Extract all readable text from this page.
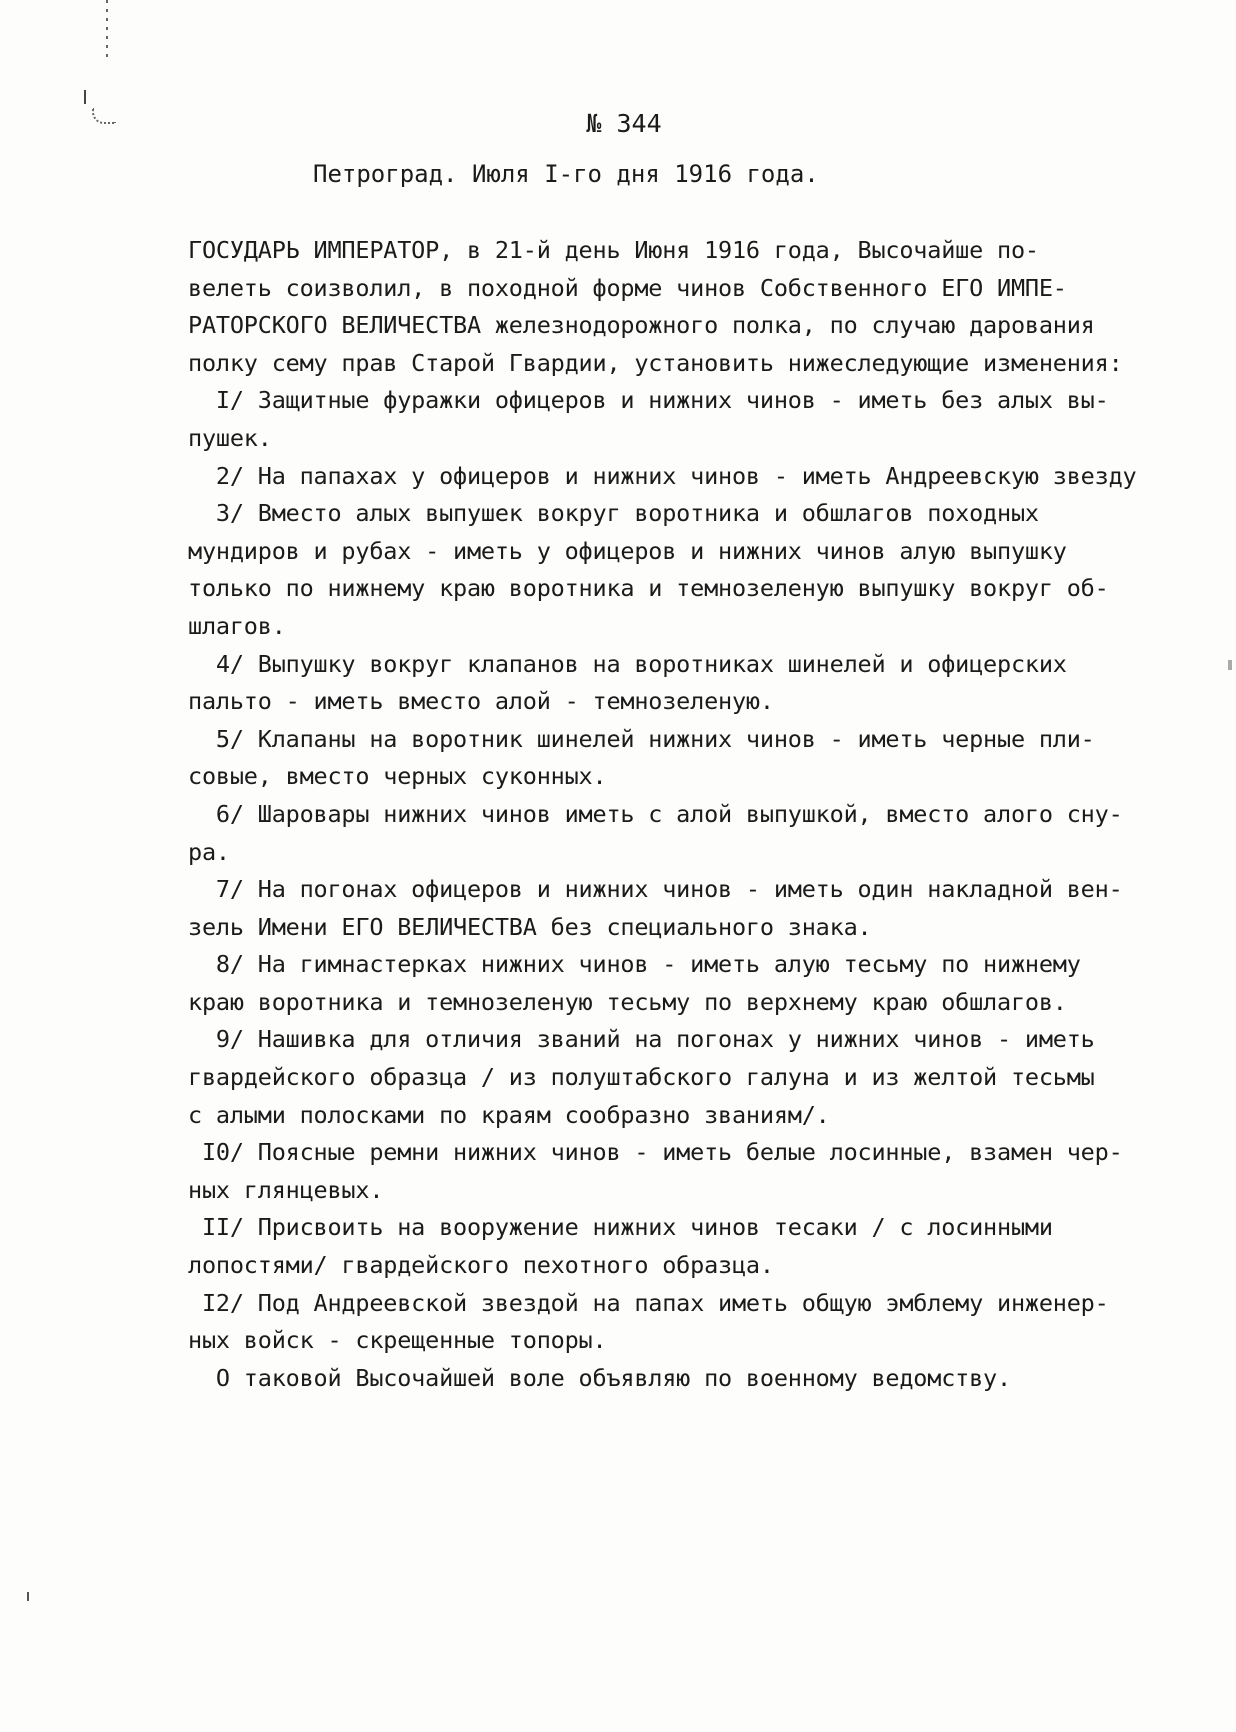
№ 344
Петроград. Июля I-го дня 1916 года.
ГОСУДАРЬ ИМПЕРАТОР, в 21-й день Июня 1916 года, Высочайше по-
велеть соизволил, в походной форме чинов Собственного ЕГО ИМПЕ-
РАТОРСКОГО ВЕЛИЧЕСТВА железнодорожного полка, по случаю дарования
полку сему прав Старой Гвардии, установить нижеследующие изменения:
I/ Защитные фуражки офицеров и нижних чинов - иметь без алых вы-
пушек.
2/ На папахах у офицеров и нижних чинов - иметь Андреевскую звезду
3/ Вместо алых выпушек вокруг воротника и обшлагов походных
мундиров и рубах - иметь у офицеров и нижних чинов алую выпушку
только по нижнему краю воротника и темнозеленую выпушку вокруг об-
шлагов.
4/ Выпушку вокруг клапанов на воротниках шинелей и офицерских
пальто - иметь вместо алой - темнозеленую.
5/ Клапаны на воротник шинелей нижних чинов - иметь черные пли-
совые, вместо черных суконных.
6/ Шаровары нижних чинов иметь с алой выпушкой, вместо алого сну-
ра.
7/ На погонах офицеров и нижних чинов - иметь один накладной вен-
зель Имени ЕГО ВЕЛИЧЕСТВА без специального знака.
8/ На гимнастерках нижних чинов - иметь алую тесьму по нижнему
краю воротника и темнозеленую тесьму по верхнему краю обшлагов.
9/ Нашивка для отличия званий на погонах у нижних чинов - иметь
гвардейского образца / из полуштабского галуна и из желтой тесьмы
с алыми полосками по краям сообразно званиям/.
I0/ Поясные ремни нижних чинов - иметь белые лосинные, взамен чер-
ных глянцевых.
II/ Присвоить на вооружение нижних чинов тесаки / с лосинными
лопостями/ гвардейского пехотного образца.
I2/ Под Андреевской звездой на папах иметь общую эмблему инженер-
ных войск - скрещенные топоры.
О таковой Высочайшей воле объявляю по военному ведомству.
